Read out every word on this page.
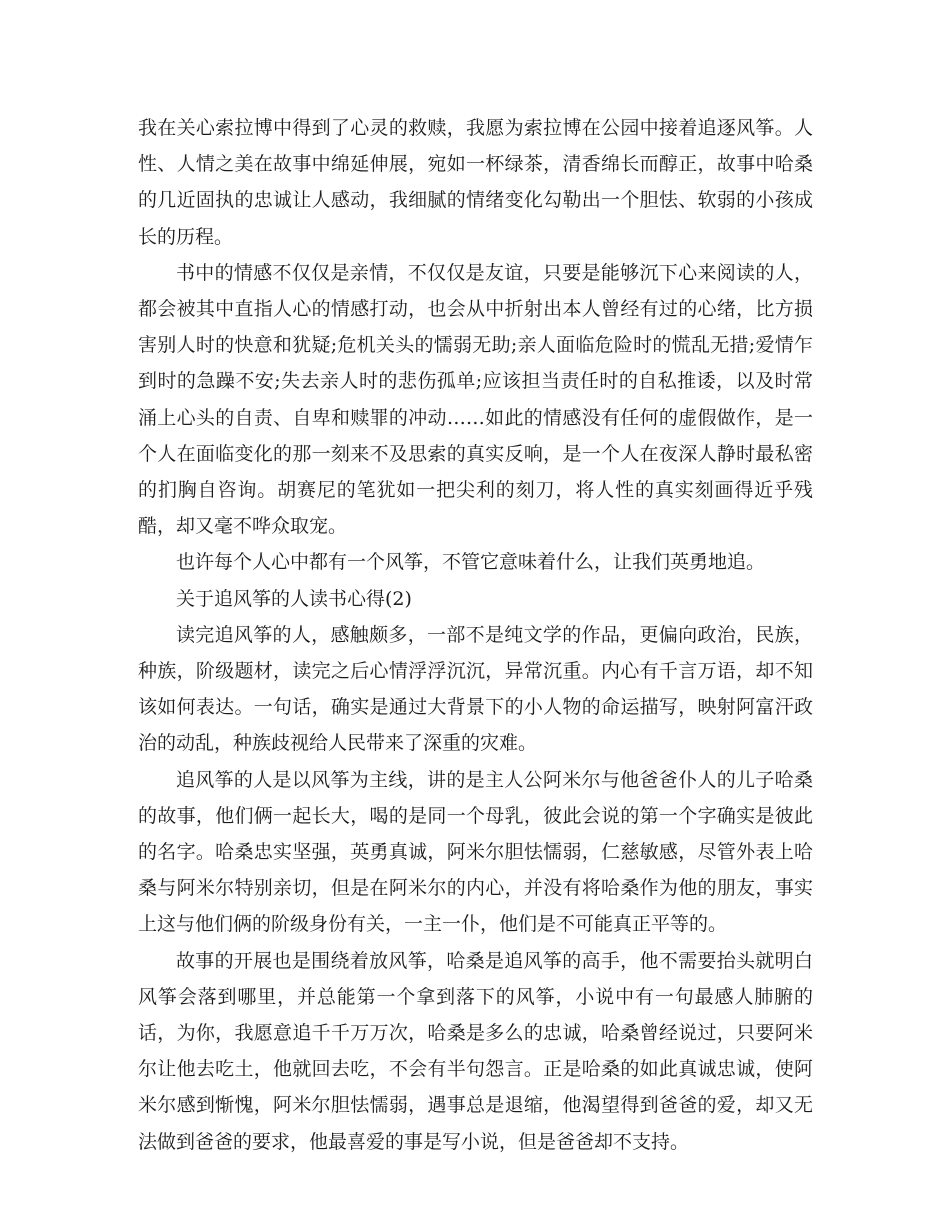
我在关心索拉博中得到了心灵的救赎，我愿为索拉博在公园中接着追逐风筝。人性、人情之美在故事中绵延伸展，宛如一杯绿茶，清香绵长而醇正，故事中哈桑的几近固执的忠诚让人感动，我细腻的情绪变化勾勒出一个胆怯、软弱的小孩成长的历程。

书中的情感不仅仅是亲情，不仅仅是友谊，只要是能够沉下心来阅读的人，都会被其中直指人心的情感打动，也会从中折射出本人曾经有过的心绪，比方损害别人时的快意和犹疑;危机关头的懦弱无助;亲人面临危险时的慌乱无措;爱情乍到时的急躁不安;失去亲人时的悲伤孤单;应该担当责任时的自私推诿，以及时常涌上心头的自责、自卑和赎罪的冲动……如此的情感没有任何的虚假做作，是一个人在面临变化的那一刻来不及思索的真实反响，是一个人在夜深人静时最私密的扪胸自咨询。胡赛尼的笔犹如一把尖利的刻刀，将人性的真实刻画得近乎残酷，却又毫不哗众取宠。

也许每个人心中都有一个风筝，不管它意味着什么，让我们英勇地追。

关于追风筝的人读书心得(2)

读完追风筝的人，感触颇多，一部不是纯文学的作品，更偏向政治，民族，种族，阶级题材，读完之后心情浮浮沉沉，异常沉重。内心有千言万语，却不知该如何表达。一句话，确实是通过大背景下的小人物的命运描写，映射阿富汗政治的动乱，种族歧视给人民带来了深重的灾难。

追风筝的人是以风筝为主线，讲的是主人公阿米尔与他爸爸仆人的儿子哈桑的故事，他们俩一起长大，喝的是同一个母乳，彼此会说的第一个字确实是彼此的名字。哈桑忠实坚强，英勇真诚，阿米尔胆怯懦弱，仁慈敏感，尽管外表上哈桑与阿米尔特别亲切，但是在阿米尔的内心，并没有将哈桑作为他的朋友，事实上这与他们俩的阶级身份有关，一主一仆，他们是不可能真正平等的。

故事的开展也是围绕着放风筝，哈桑是追风筝的高手，他不需要抬头就明白风筝会落到哪里，并总能第一个拿到落下的风筝，小说中有一句最感人肺腑的话，为你，我愿意追千千万万次，哈桑是多么的忠诚，哈桑曾经说过，只要阿米尔让他去吃土，他就回去吃，不会有半句怨言。正是哈桑的如此真诚忠诚，使阿米尔感到惭愧，阿米尔胆怯懦弱，遇事总是退缩，他渴望得到爸爸的爱，却又无法做到爸爸的要求，他最喜爱的事是写小说，但是爸爸却不支持。
